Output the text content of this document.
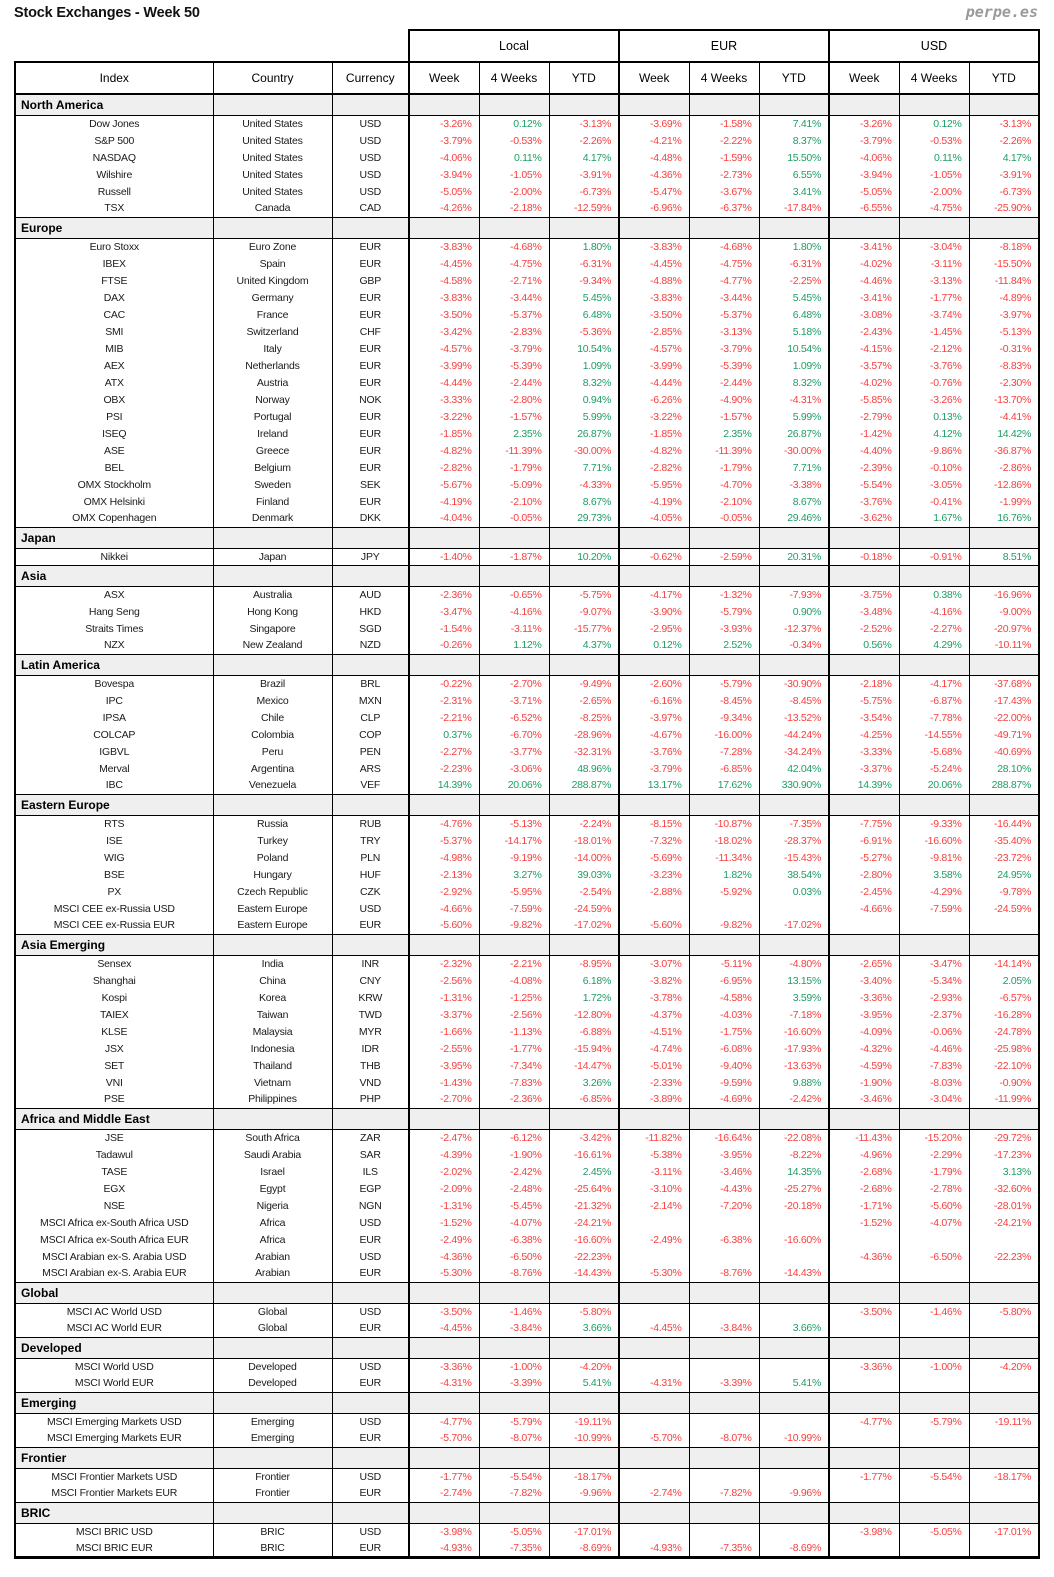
Stock Exchanges - Week 50	perpe.es
			Local			EUR			USD		
Index	Country	Currency	Week	4 Weeks	YTD	Week	4 Weeks	YTD	Week	4 Weeks	YTD
North America											
Dow Jones	United States	USD	-3.26%	0.12%	-3.13%	-3.69%	-1.58%	7.41%	-3.26%	0.12%	-3.13%
S&P 500	United States	USD	-3.79%	-0.53%	-2.26%	-4.21%	-2.22%	8.37%	-3.79%	-0.53%	-2.26%
NASDAQ	United States	USD	-4.06%	0.11%	4.17%	-4.48%	-1.59%	15.50%	-4.06%	0.11%	4.17%
Wilshire	United States	USD	-3.94%	-1.05%	-3.91%	-4.36%	-2.73%	6.55%	-3.94%	-1.05%	-3.91%
Russell	United States	USD	-5.05%	-2.00%	-6.73%	-5.47%	-3.67%	3.41%	-5.05%	-2.00%	-6.73%
TSX	Canada	CAD	-4.26%	-2.18%	-12.59%	-6.96%	-6.37%	-17.84%	-6.55%	-4.75%	-25.90%
Europe											
Euro Stoxx	Euro Zone	EUR	-3.83%	-4.68%	1.80%	-3.83%	-4.68%	1.80%	-3.41%	-3.04%	-8.18%
IBEX	Spain	EUR	-4.45%	-4.75%	-6.31%	-4.45%	-4.75%	-6.31%	-4.02%	-3.11%	-15.50%
FTSE	United Kingdom	GBP	-4.58%	-2.71%	-9.34%	-4.88%	-4.77%	-2.25%	-4.46%	-3.13%	-11.84%
DAX	Germany	EUR	-3.83%	-3.44%	5.45%	-3.83%	-3.44%	5.45%	-3.41%	-1.77%	-4.89%
CAC	France	EUR	-3.50%	-5.37%	6.48%	-3.50%	-5.37%	6.48%	-3.08%	-3.74%	-3.97%
SMI	Switzerland	CHF	-3.42%	-2.83%	-5.36%	-2.85%	-3.13%	5.18%	-2.43%	-1.45%	-5.13%
MIB	Italy	EUR	-4.57%	-3.79%	10.54%	-4.57%	-3.79%	10.54%	-4.15%	-2.12%	-0.31%
AEX	Netherlands	EUR	-3.99%	-5.39%	1.09%	-3.99%	-5.39%	1.09%	-3.57%	-3.76%	-8.83%
ATX	Austria	EUR	-4.44%	-2.44%	8.32%	-4.44%	-2.44%	8.32%	-4.02%	-0.76%	-2.30%
OBX	Norway	NOK	-3.33%	-2.80%	0.94%	-6.26%	-4.90%	-4.31%	-5.85%	-3.26%	-13.70%
PSI	Portugal	EUR	-3.22%	-1.57%	5.99%	-3.22%	-1.57%	5.99%	-2.79%	0.13%	-4.41%
ISEQ	Ireland	EUR	-1.85%	2.35%	26.87%	-1.85%	2.35%	26.87%	-1.42%	4.12%	14.42%
ASE	Greece	EUR	-4.82%	-11.39%	-30.00%	-4.82%	-11.39%	-30.00%	-4.40%	-9.86%	-36.87%
BEL	Belgium	EUR	-2.82%	-1.79%	7.71%	-2.82%	-1.79%	7.71%	-2.39%	-0.10%	-2.86%
OMX Stockholm	Sweden	SEK	-5.67%	-5.09%	-4.33%	-5.95%	-4.70%	-3.38%	-5.54%	-3.05%	-12.86%
OMX Helsinki	Finland	EUR	-4.19%	-2.10%	8.67%	-4.19%	-2.10%	8.67%	-3.76%	-0.41%	-1.99%
OMX Copenhagen	Denmark	DKK	-4.04%	-0.05%	29.73%	-4.05%	-0.05%	29.46%	-3.62%	1.67%	16.76%
Japan											
Nikkei	Japan	JPY	-1.40%	-1.87%	10.20%	-0.62%	-2.59%	20.31%	-0.18%	-0.91%	8.51%
Asia											
ASX	Australia	AUD	-2.36%	-0.65%	-5.75%	-4.17%	-1.32%	-7.93%	-3.75%	0.38%	-16.96%
Hang Seng	Hong Kong	HKD	-3.47%	-4.16%	-9.07%	-3.90%	-5.79%	0.90%	-3.48%	-4.16%	-9.00%
Straits Times	Singapore	SGD	-1.54%	-3.11%	-15.77%	-2.95%	-3.93%	-12.37%	-2.52%	-2.27%	-20.97%
NZX	New Zealand	NZD	-0.26%	1.12%	4.37%	0.12%	2.52%	-0.34%	0.56%	4.29%	-10.11%
Latin America											
Bovespa	Brazil	BRL	-0.22%	-2.70%	-9.49%	-2.60%	-5.79%	-30.90%	-2.18%	-4.17%	-37.68%
IPC	Mexico	MXN	-2.31%	-3.71%	-2.65%	-6.16%	-8.45%	-8.45%	-5.75%	-6.87%	-17.43%
IPSA	Chile	CLP	-2.21%	-6.52%	-8.25%	-3.97%	-9.34%	-13.52%	-3.54%	-7.78%	-22.00%
COLCAP	Colombia	COP	0.37%	-6.70%	-28.96%	-4.67%	-16.00%	-44.24%	-4.25%	-14.55%	-49.71%
IGBVL	Peru	PEN	-2.27%	-3.77%	-32.31%	-3.76%	-7.28%	-34.24%	-3.33%	-5.68%	-40.69%
Merval	Argentina	ARS	-2.23%	-3.06%	48.96%	-3.79%	-6.85%	42.04%	-3.37%	-5.24%	28.10%
IBC	Venezuela	VEF	14.39%	20.06%	288.87%	13.17%	17.62%	330.90%	14.39%	20.06%	288.87%
Eastern Europe											
RTS	Russia	RUB	-4.76%	-5.13%	-2.24%	-8.15%	-10.87%	-7.35%	-7.75%	-9.33%	-16.44%
ISE	Turkey	TRY	-5.37%	-14.17%	-18.01%	-7.32%	-18.02%	-28.37%	-6.91%	-16.60%	-35.40%
WIG	Poland	PLN	-4.98%	-9.19%	-14.00%	-5.69%	-11.34%	-15.43%	-5.27%	-9.81%	-23.72%
BSE	Hungary	HUF	-2.13%	3.27%	39.03%	-3.23%	1.82%	38.54%	-2.80%	3.58%	24.95%
PX	Czech Republic	CZK	-2.92%	-5.95%	-2.54%	-2.88%	-5.92%	0.03%	-2.45%	-4.29%	-9.78%
MSCI CEE ex-Russia USD	Eastern Europe	USD	-4.66%	-7.59%	-24.59%				-4.66%	-7.59%	-24.59%
MSCI CEE ex-Russia EUR	Eastern Europe	EUR	-5.60%	-9.82%	-17.02%	-5.60%	-9.82%	-17.02%			
Asia Emerging											
Sensex	India	INR	-2.32%	-2.21%	-8.95%	-3.07%	-5.11%	-4.80%	-2.65%	-3.47%	-14.14%
Shanghai	China	CNY	-2.56%	-4.08%	6.18%	-3.82%	-6.95%	13.15%	-3.40%	-5.34%	2.05%
Kospi	Korea	KRW	-1.31%	-1.25%	1.72%	-3.78%	-4.58%	3.59%	-3.36%	-2.93%	-6.57%
TAIEX	Taiwan	TWD	-3.37%	-2.56%	-12.80%	-4.37%	-4.03%	-7.18%	-3.95%	-2.37%	-16.28%
KLSE	Malaysia	MYR	-1.66%	-1.13%	-6.88%	-4.51%	-1.75%	-16.60%	-4.09%	-0.06%	-24.78%
JSX	Indonesia	IDR	-2.55%	-1.77%	-15.94%	-4.74%	-6.08%	-17.93%	-4.32%	-4.46%	-25.98%
SET	Thailand	THB	-3.95%	-7.34%	-14.47%	-5.01%	-9.40%	-13.63%	-4.59%	-7.83%	-22.10%
VNI	Vietnam	VND	-1.43%	-7.83%	3.26%	-2.33%	-9.59%	9.88%	-1.90%	-8.03%	-0.90%
PSE	Philippines	PHP	-2.70%	-2.36%	-6.85%	-3.89%	-4.69%	-2.42%	-3.46%	-3.04%	-11.99%
Africa and Middle East											
JSE	South Africa	ZAR	-2.47%	-6.12%	-3.42%	-11.82%	-16.64%	-22.08%	-11.43%	-15.20%	-29.72%
Tadawul	Saudi Arabia	SAR	-4.39%	-1.90%	-16.61%	-5.38%	-3.95%	-8.22%	-4.96%	-2.29%	-17.23%
TASE	Israel	ILS	-2.02%	-2.42%	2.45%	-3.11%	-3.46%	14.35%	-2.68%	-1.79%	3.13%
EGX	Egypt	EGP	-2.09%	-2.48%	-25.64%	-3.10%	-4.43%	-25.27%	-2.68%	-2.78%	-32.60%
NSE	Nigeria	NGN	-1.31%	-5.45%	-21.32%	-2.14%	-7.20%	-20.18%	-1.71%	-5.60%	-28.01%
MSCI Africa ex-South Africa USD	Africa	USD	-1.52%	-4.07%	-24.21%				-1.52%	-4.07%	-24.21%
MSCI Africa ex-South Africa EUR	Africa	EUR	-2.49%	-6.38%	-16.60%	-2.49%	-6.38%	-16.60%			
MSCI Arabian ex-S. Arabia USD	Arabian	USD	-4.36%	-6.50%	-22.23%				-4.36%	-6.50%	-22.23%
MSCI Arabian ex-S. Arabia EUR	Arabian	EUR	-5.30%	-8.76%	-14.43%	-5.30%	-8.76%	-14.43%			
Global											
MSCI AC World USD	Global	USD	-3.50%	-1.46%	-5.80%				-3.50%	-1.46%	-5.80%
MSCI AC World EUR	Global	EUR	-4.45%	-3.84%	3.66%	-4.45%	-3.84%	3.66%			
Developed											
MSCI World USD	Developed	USD	-3.36%	-1.00%	-4.20%				-3.36%	-1.00%	-4.20%
MSCI World EUR	Developed	EUR	-4.31%	-3.39%	5.41%	-4.31%	-3.39%	5.41%			
Emerging											
MSCI Emerging Markets USD	Emerging	USD	-4.77%	-5.79%	-19.11%				-4.77%	-5.79%	-19.11%
MSCI Emerging Markets EUR	Emerging	EUR	-5.70%	-8.07%	-10.99%	-5.70%	-8.07%	-10.99%			
Frontier											
MSCI Frontier Markets USD	Frontier	USD	-1.77%	-5.54%	-18.17%				-1.77%	-5.54%	-18.17%
MSCI Frontier Markets EUR	Frontier	EUR	-2.74%	-7.82%	-9.96%	-2.74%	-7.82%	-9.96%			
BRIC											
MSCI BRIC USD	BRIC	USD	-3.98%	-5.05%	-17.01%				-3.98%	-5.05%	-17.01%
MSCI BRIC EUR	BRIC	EUR	-4.93%	-7.35%	-8.69%	-4.93%	-7.35%	-8.69%			
